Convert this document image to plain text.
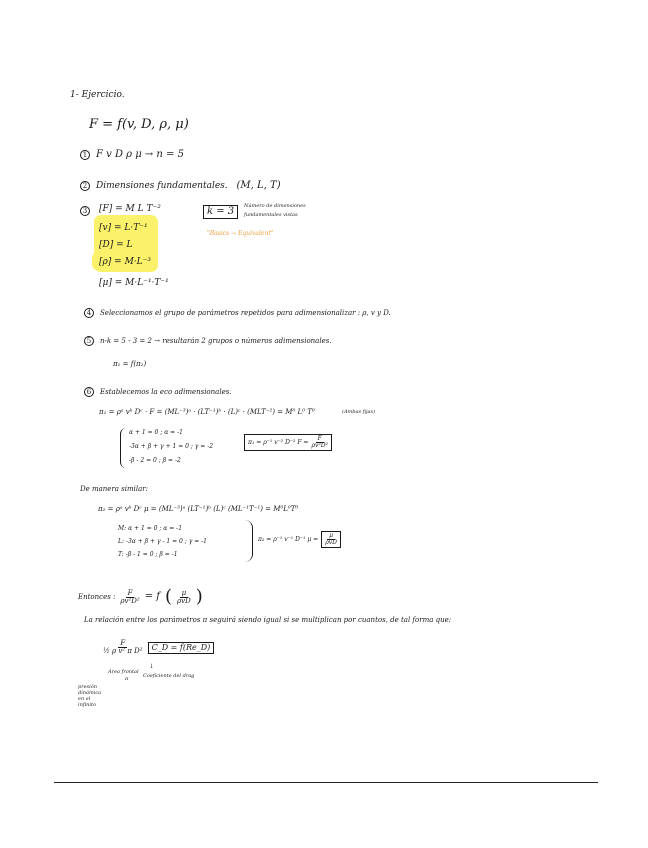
1- Ejercicio.
F = f(v, D, ρ, μ)
1 F v D ρ μ → n = 5
2 Dimensiones fundamentales. (M, L, T)
3	[F] = M L T⁻²
[v] = L·T⁻¹
[D] = L
[ρ] = M·L⁻³
[μ] = M·L⁻¹·T⁻¹
k = 3	Número de dimensiones
fundamentales vistas
"Basics → Equivalent"
4 Seleccionamos el grupo de parámetros repetidos para adimensionalizar : ρ, v y D.
5 n-k = 5 - 3 = 2 → resultarán 2 grupos o números adimensionales.
π₁ = f(π₂)
6 Establecemos la eco adimensionales.
π₁ = ρᵃ vᵇ Dᶜ · F = (ML⁻³)ᵃ · (LT⁻¹)ᵇ · (L)ᶜ · (MLT⁻²) = M⁰ L⁰ T⁰	(Ambas fijas)
α + 1 = 0 ; α = -1
-3α + β + γ + 1 = 0 ; γ = -2
-β - 2 = 0 ; β = -2
π₁ = ρ⁻¹ v⁻² D⁻² $F = \frac{F}{\text{ρv²D²}}$
De manera similar:
π₂ = ρᵃ vᵇ Dᶜ μ = (ML⁻³)ᵃ (LT⁻¹)ᵇ (L)ᶜ (ML⁻¹T⁻¹) = M⁰L⁰T⁰
M: α + 1 = 0 ; α = -1
L: -3α + β + γ - 1 = 0 ; γ = -1
T: -β - 1 = 0 ; β = -1
π₂ = ρ⁻¹ v⁻¹ D⁻¹ $\mu = \frac{\mu}{\text{ρvD}}$
Entonces : $\frac{F}{\text{ρv²D²}} = f$ ( $\frac{\mu}{\text{ρvD}}$ )
La relación entre los parámetros π seguirá siendo igual si se multiplican por cuantos, de tal forma que:
$\frac{F}{\text{½ ρ v² π D²}}$	C_D = f(Re_D)
Área frontal
π
↓
Coeficiente del drag
presión dinámica en el infinito
